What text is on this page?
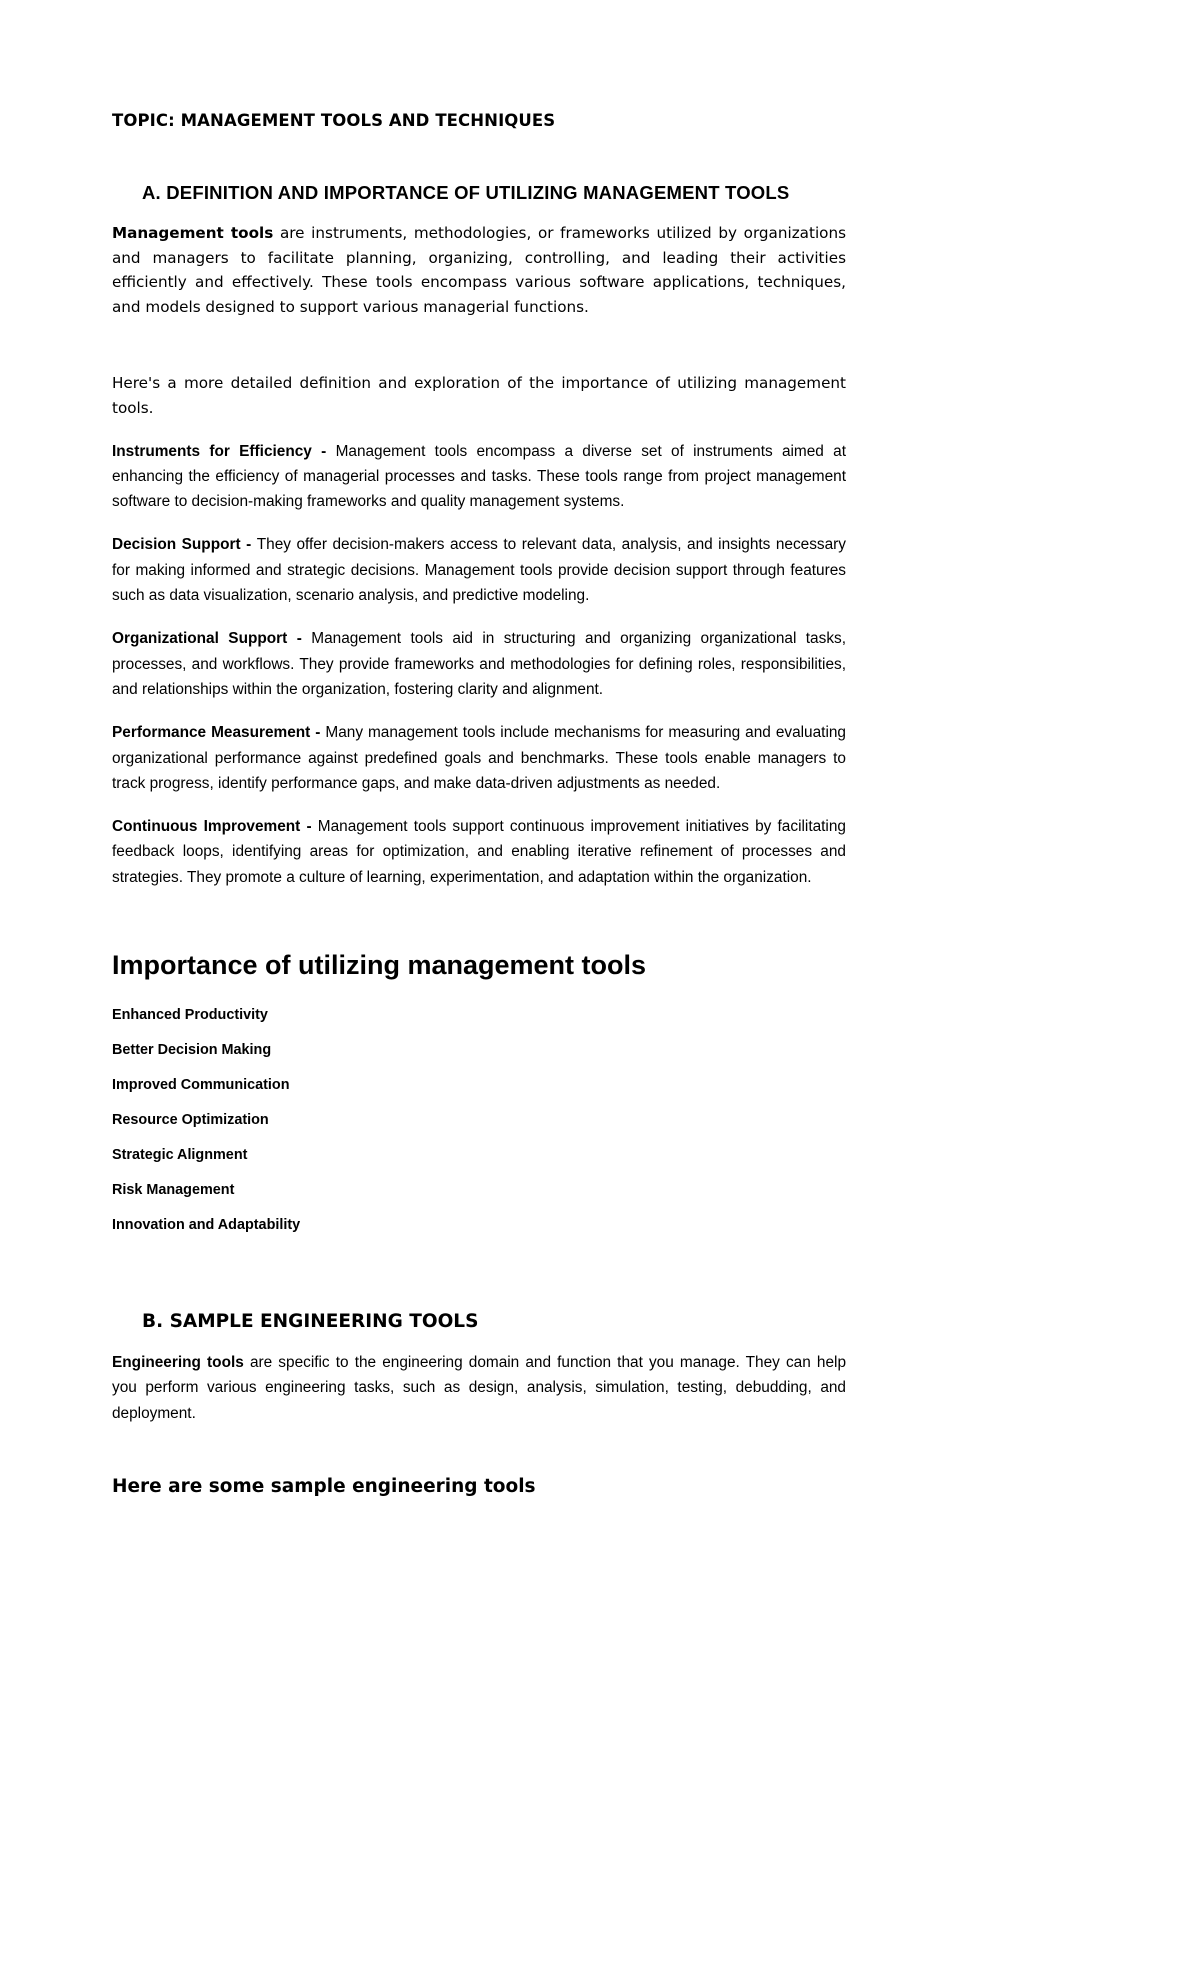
TOPIC: MANAGEMENT TOOLS AND TECHNIQUES
A. DEFINITION AND IMPORTANCE OF UTILIZING MANAGEMENT TOOLS

Management tools are instruments, methodologies, or frameworks utilized by organizations and managers to facilitate planning, organizing, controlling, and leading their activities efficiently and effectively. These tools encompass various software applications, techniques, and models designed to support various managerial functions.

Here's a more detailed definition and exploration of the importance of utilizing management tools.

Instruments for Efficiency - Management tools encompass a diverse set of instruments aimed at enhancing the efficiency of managerial processes and tasks. These tools range from project management software to decision-making frameworks and quality management systems.

Decision Support - They offer decision-makers access to relevant data, analysis, and insights necessary for making informed and strategic decisions. Management tools provide decision support through features such as data visualization, scenario analysis, and predictive modeling.

Organizational Support - Management tools aid in structuring and organizing organizational tasks, processes, and workflows. They provide frameworks and methodologies for defining roles, responsibilities, and relationships within the organization, fostering clarity and alignment.

Performance Measurement - Many management tools include mechanisms for measuring and evaluating organizational performance against predefined goals and benchmarks. These tools enable managers to track progress, identify performance gaps, and make data-driven adjustments as needed.

Continuous Improvement - Management tools support continuous improvement initiatives by facilitating feedback loops, identifying areas for optimization, and enabling iterative refinement of processes and strategies. They promote a culture of learning, experimentation, and adaptation within the organization.

Importance of utilizing management tools
Enhanced Productivity
Better Decision Making
Improved Communication
Resource Optimization
Strategic Alignment
Risk Management
Innovation and Adaptability
B. SAMPLE ENGINEERING TOOLS

Engineering tools are specific to the engineering domain and function that you manage. They can help you perform various engineering tasks, such as design, analysis, simulation, testing, debudding, and deployment.

Here are some sample engineering tools
